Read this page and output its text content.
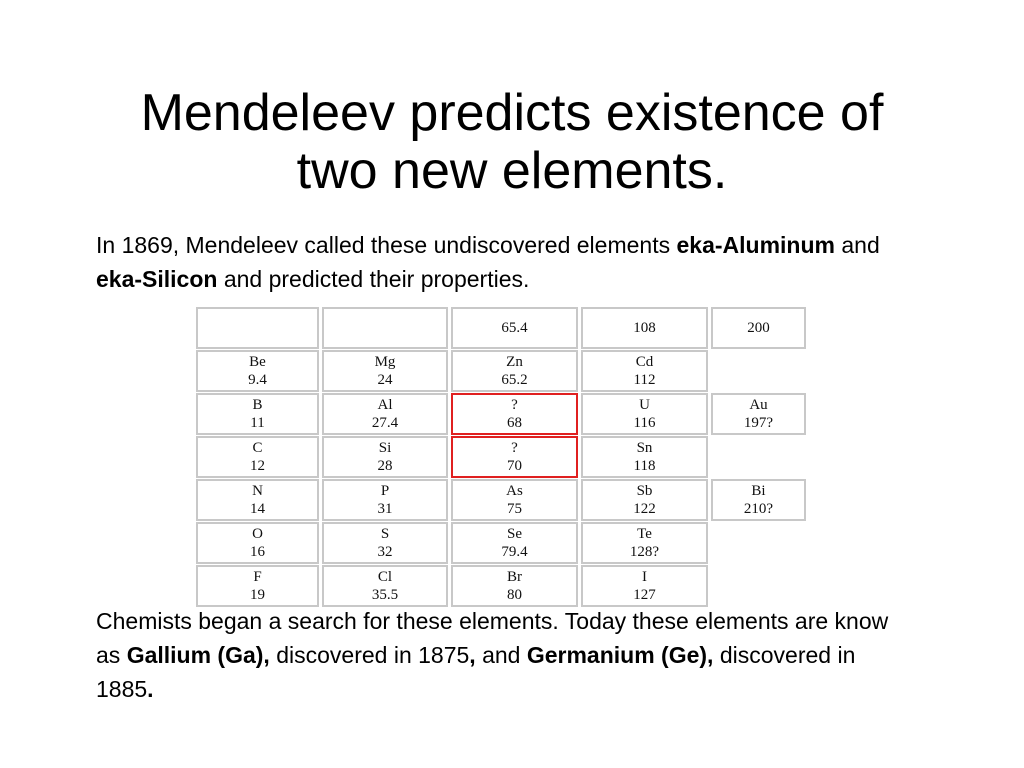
Mendeleev predicts existence of
two new elements.

In 1869, Mendeleev called these undiscovered elements eka-Aluminum and eka-Silicon and predicted their properties.

65.4	108	200
Be
9.4
Mg
24
Zn
65.2
Cd
112
B
11
Al
27.4
?
68
U
116
Au
197?
C
12
Si
28
?
70
Sn
118
N
14
P
31
As
75
Sb
122
Bi
210?
O
16
S
32
Se
79.4
Te
128?
F
19
Cl
35.5
Br
80
I
127

Chemists began a search for these elements. Today these elements are know as Gallium (Ga), discovered in 1875, and Germanium (Ge), discovered in 1885.
